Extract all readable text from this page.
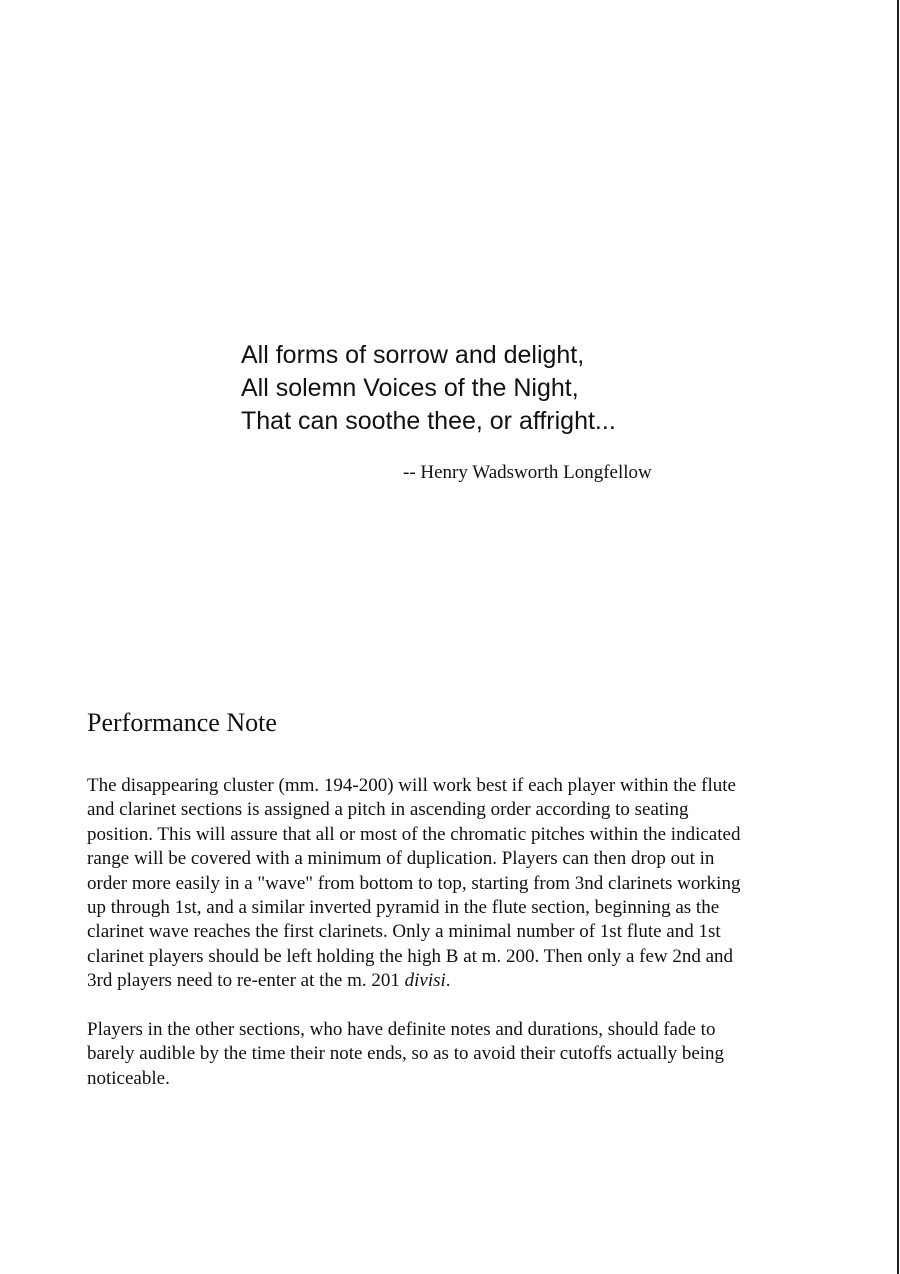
All forms of sorrow and delight,
All solemn Voices of the Night,
That can soothe thee, or affright...
-- Henry Wadsworth Longfellow
Performance Note
The disappearing cluster (mm. 194-200) will work best if each player within the flute
and clarinet sections is assigned a pitch in ascending order according to seating
position. This will assure that all or most of the chromatic pitches within the indicated
range will be covered with a minimum of duplication. Players can then drop out in
order more easily in a "wave" from bottom to top, starting from 3nd clarinets working
up through 1st, and a similar inverted pyramid in the flute section, beginning as the
clarinet wave reaches the first clarinets. Only a minimal number of 1st flute and 1st
clarinet players should be left holding the high B at m. 200. Then only a few 2nd and
3rd players need to re-enter at the m. 201 divisi.
Players in the other sections, who have definite notes and durations, should fade to
barely audible by the time their note ends, so as to avoid their cutoffs actually being
noticeable.
